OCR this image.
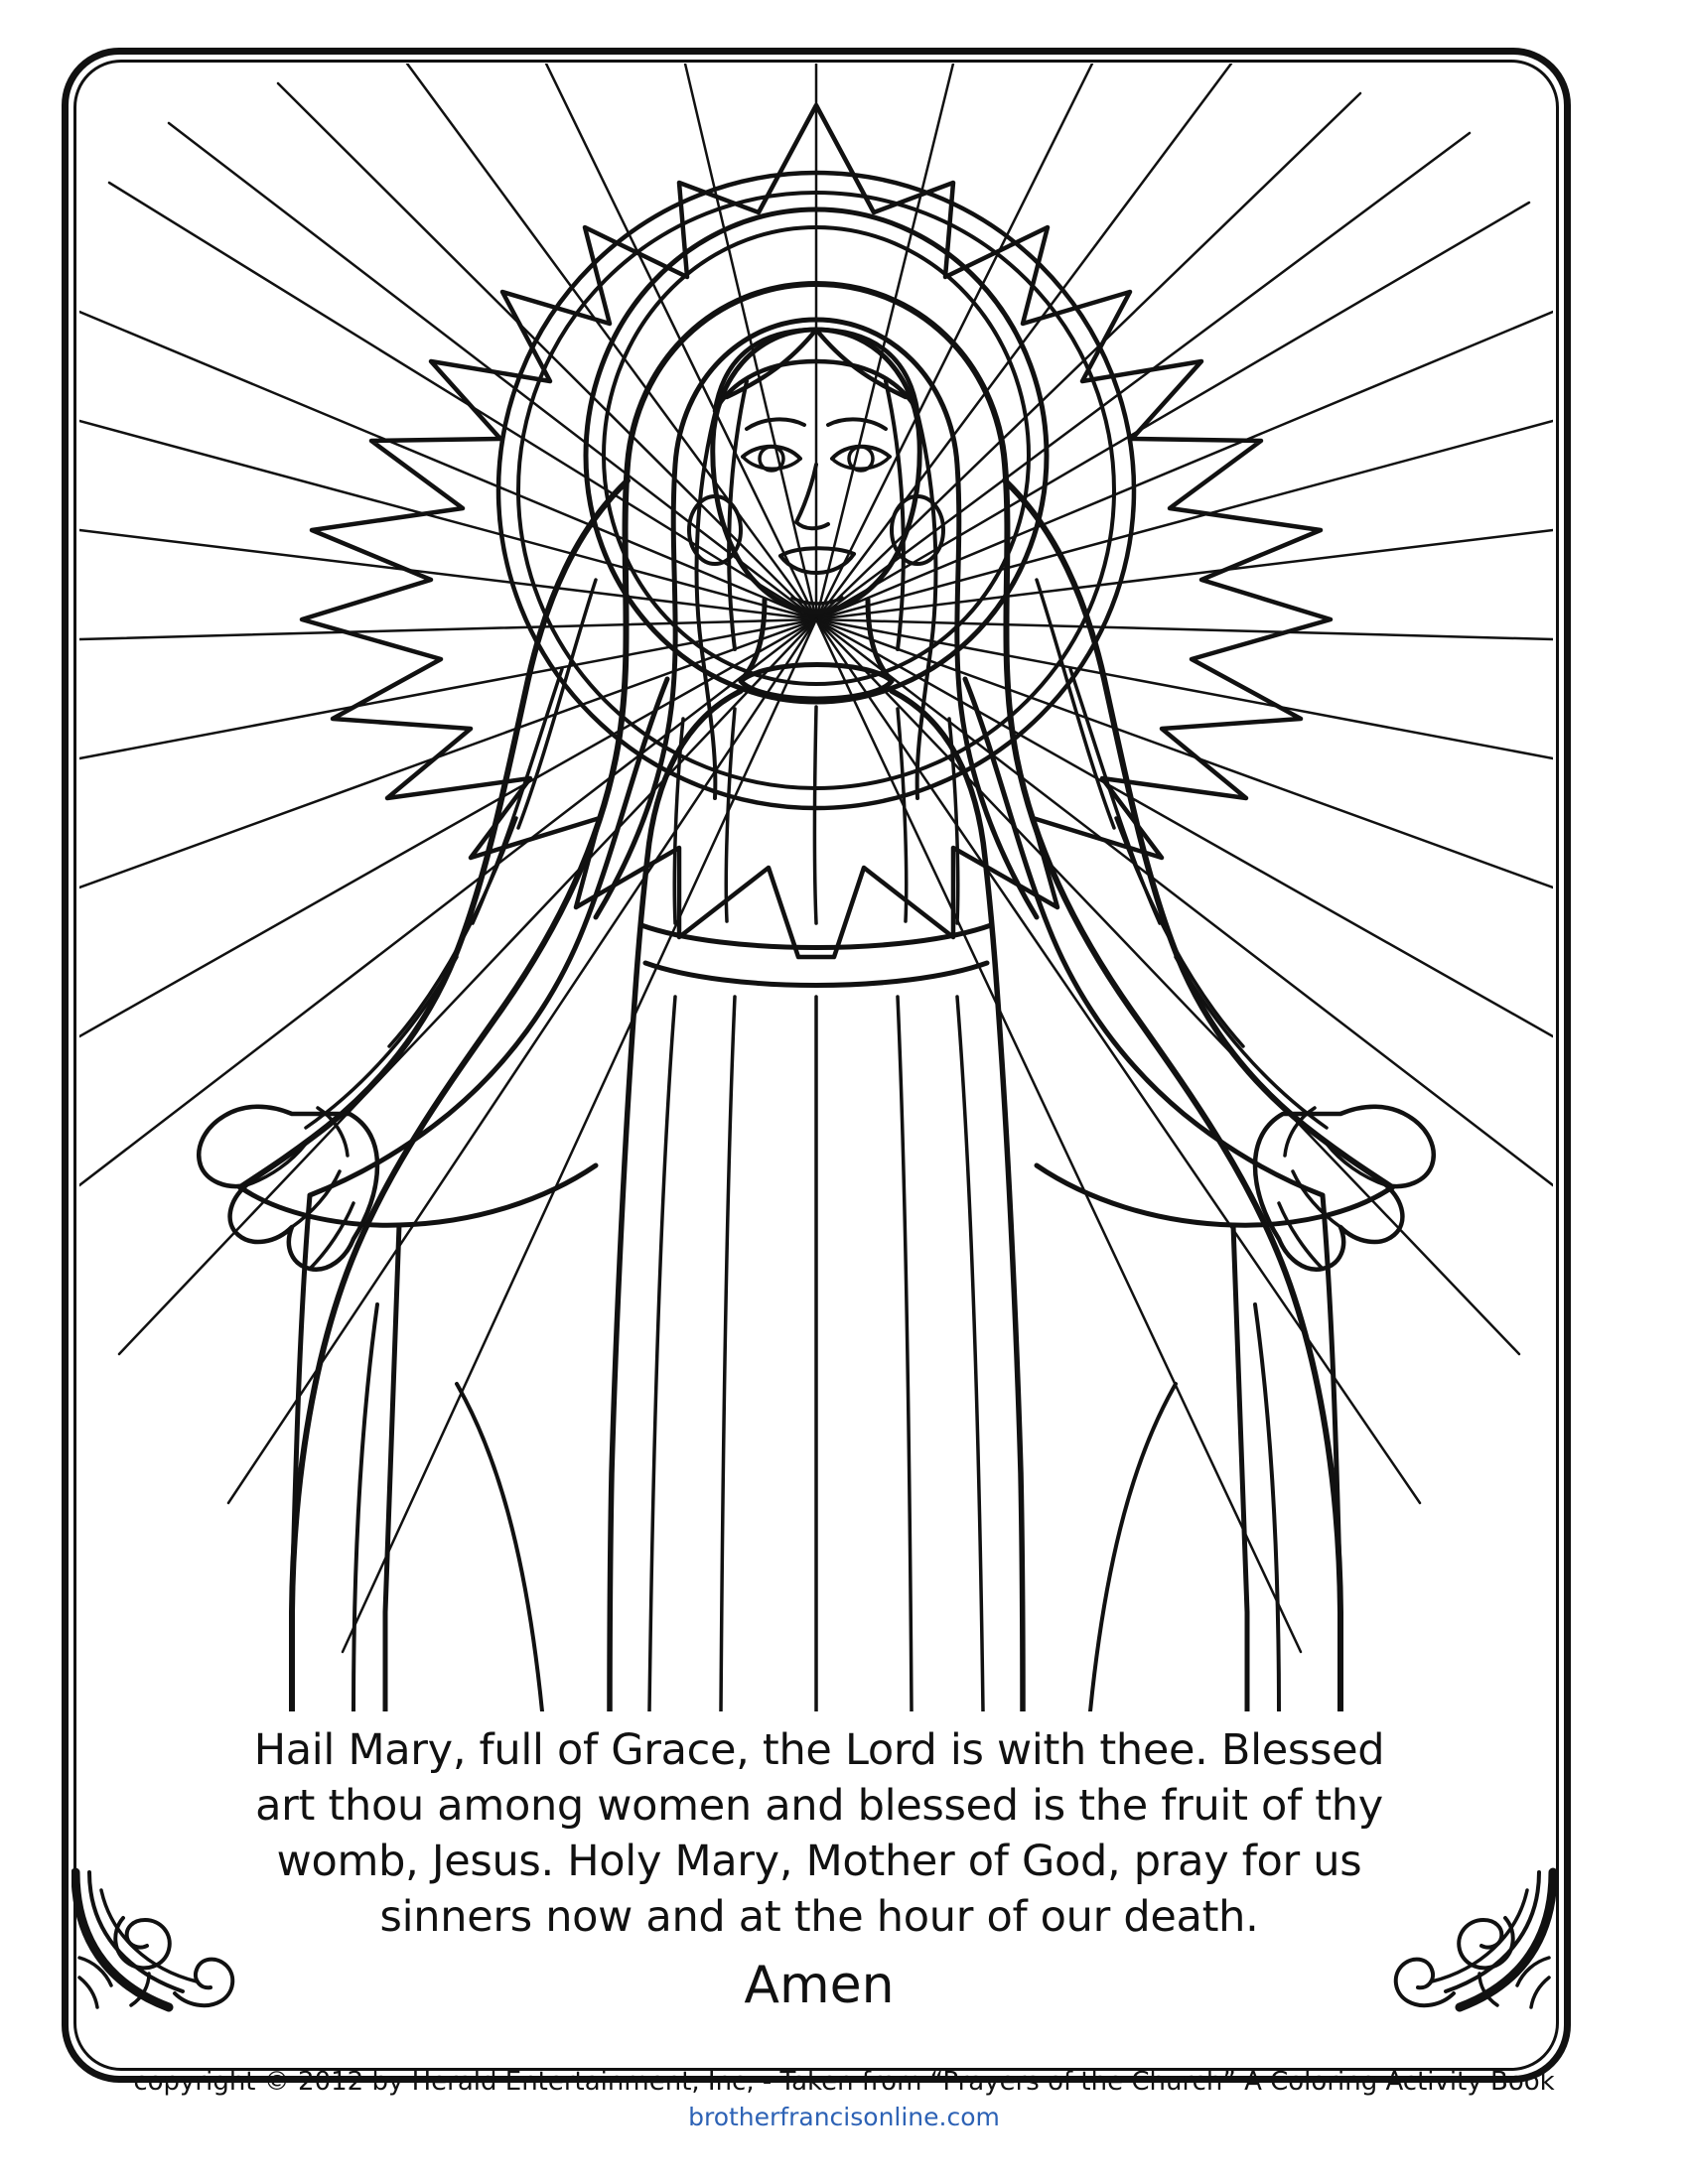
Hail Mary, full of Grace, the Lord is with thee. Blessed

art thou among women and blessed is the fruit of thy

womb, Jesus. Holy Mary, Mother of God, pray for us

sinners now and at the hour of our death.

Amen

copyright © 2012 by Herald Entertainment, Inc, - Taken from “Prayers of the Church” A Coloring Activity Book

brotherfrancisonline.com
